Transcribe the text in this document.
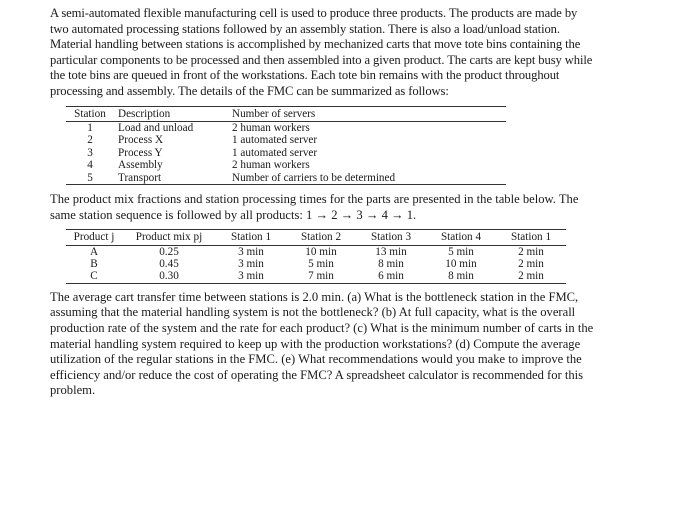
A semi-automated flexible manufacturing cell is used to produce three products. The products are made by two automated processing stations followed by an assembly station. There is also a load/unload station. Material handling between stations is accomplished by mechanized carts that move tote bins containing the particular components to be processed and then assembled into a given product. The carts are kept busy while the tote bins are queued in front of the workstations. Each tote bin remains with the product throughout processing and assembly. The details of the FMC can be summarized as follows:

Station	Description	Number of servers
1	Load and unload	2 human workers
2	Process X	1 automated server
3	Process Y	1 automated server
4	Assembly	2 human workers
5	Transport	Number of carriers to be determined

The product mix fractions and station processing times for the parts are presented in the table below. The same station sequence is followed by all products: 1 → 2 → 3 → 4 → 1.

Product j	Product mix pj	Station 1	Station 2	Station 3	Station 4	Station 1
A	0.25	3 min	10 min	13 min	5 min	2 min
B	0.45	3 min	5 min	8 min	10 min	2 min
C	0.30	3 min	7 min	6 min	8 min	2 min

The average cart transfer time between stations is 2.0 min. (a) What is the bottleneck station in the FMC, assuming that the material handling system is not the bottleneck? (b) At full capacity, what is the overall production rate of the system and the rate for each product? (c) What is the minimum number of carts in the material handling system required to keep up with the production workstations? (d) Compute the average utilization of the regular stations in the FMC. (e) What recommendations would you make to improve the efficiency and/or reduce the cost of operating the FMC? A spreadsheet calculator is recommended for this problem.
